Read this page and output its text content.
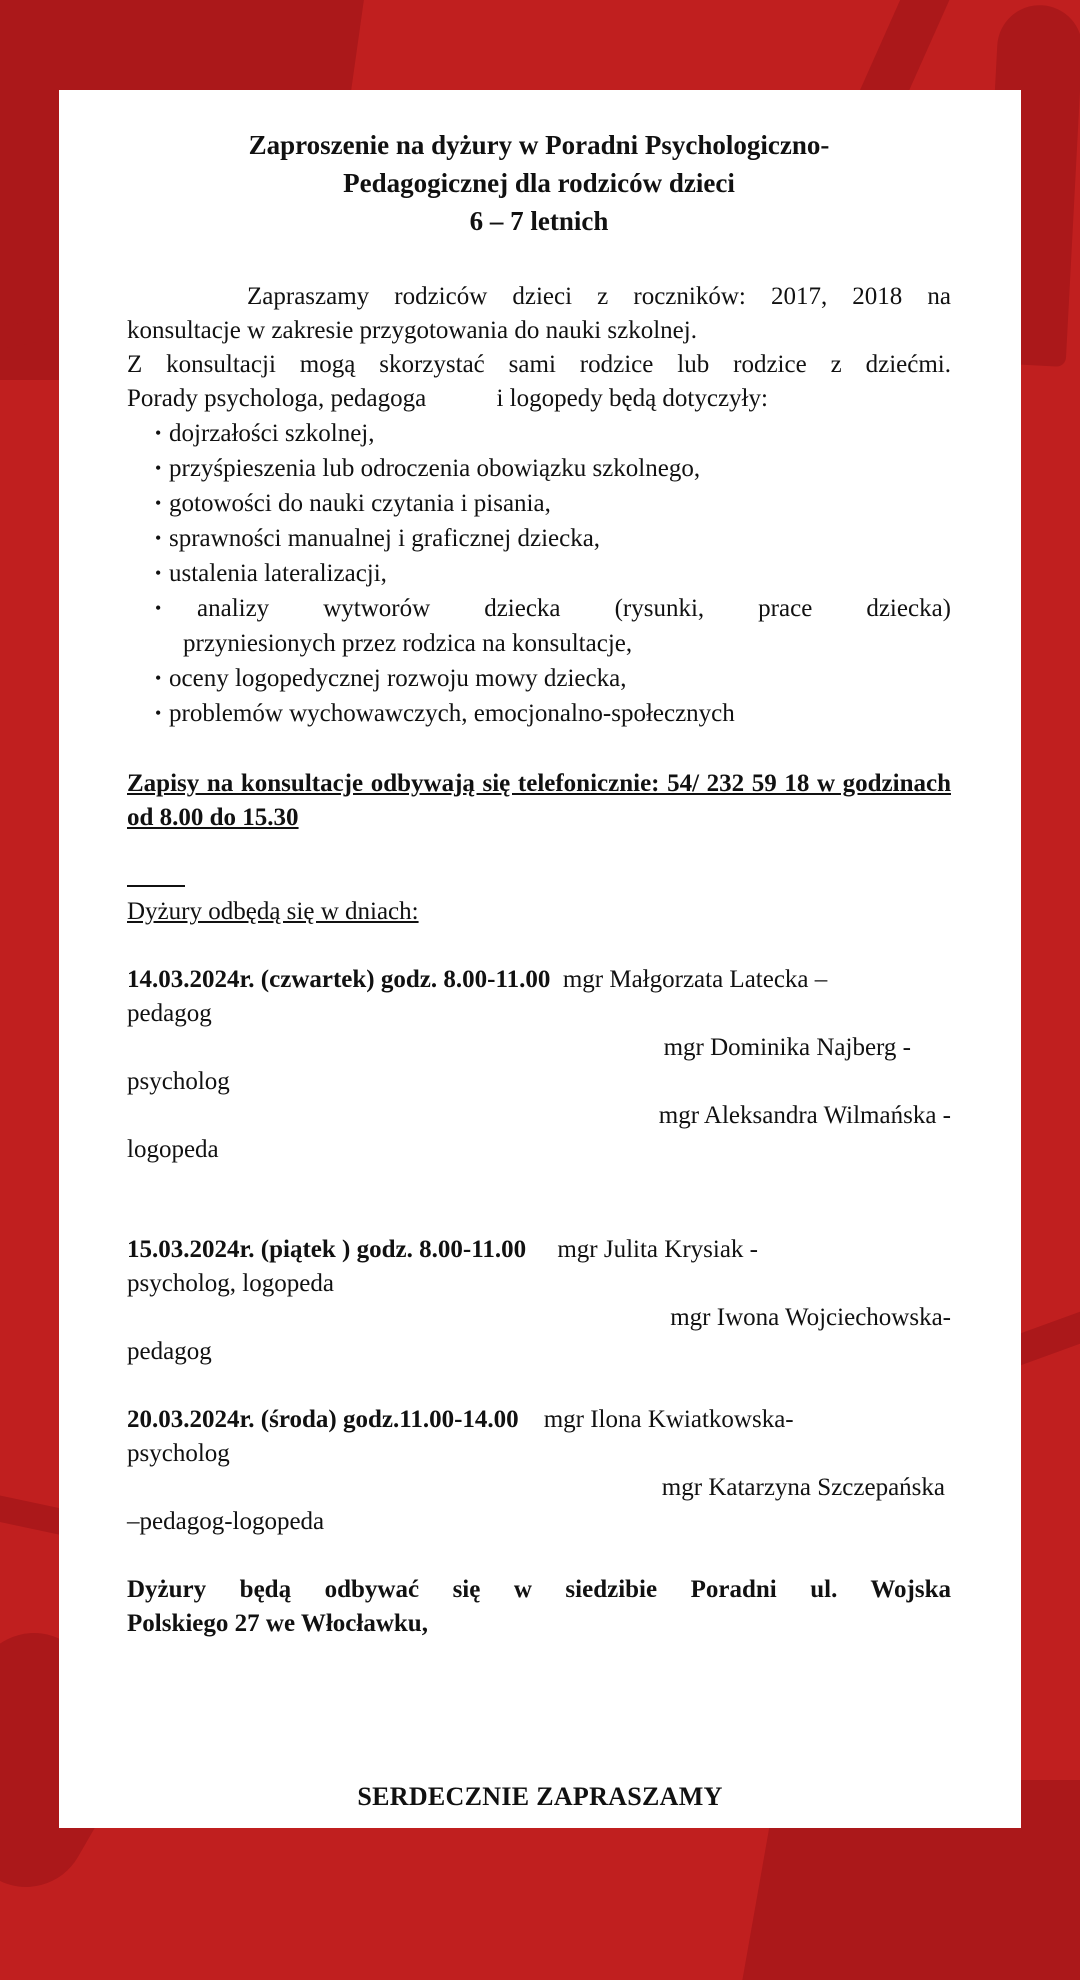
Zaproszenie na dyżury w Poradni Psychologiczno-
Pedagogicznej dla rodziców dzieci
6 – 7 letnich
Zapraszamy rodziców dzieci z roczników: 2017, 2018 na
konsultacje w zakresie przygotowania do nauki szkolnej.
Z konsultacji mogą skorzystać sami rodzice lub rodzice z dziećmi.
Porady psychologa, pedagoga	i logopedy będą dotyczyły:
• dojrzałości szkolnej,
• przyśpieszenia lub odroczenia obowiązku szkolnego,
• gotowości do nauki czytania i pisania,
• sprawności manualnej i graficznej dziecka,
• ustalenia lateralizacji,
• analizy wytworów dziecka (rysunki, prace dziecka)
przyniesionych przez rodzica na konsultacje,
• oceny logopedycznej rozwoju mowy dziecka,
• problemów wychowawczych, emocjonalno-społecznych
Zapisy na konsultacje odbywają się telefonicznie: 54/ 232 59 18 w godzinach od 8.00 do 15.30
Dyżury odbędą się w dniach:
14.03.2024r. (czwartek) godz. 8.00-11.00 mgr Małgorzata Latecka –
pedagog
mgr Dominika Najberg -
psycholog
mgr Aleksandra Wilmańska -
logopeda
15.03.2024r. (piątek ) godz. 8.00-11.00 mgr Julita Krysiak -
psycholog, logopeda
mgr Iwona Wojciechowska-
pedagog
20.03.2024r. (środa) godz.11.00-14.00 mgr Ilona Kwiatkowska-
psycholog
mgr Katarzyna Szczepańska
–pedagog-logopeda
Dyżury będą odbywać się w siedzibie Poradni ul. Wojska
Polskiego 27 we Włocławku,
SERDECZNIE ZAPRASZAMY
